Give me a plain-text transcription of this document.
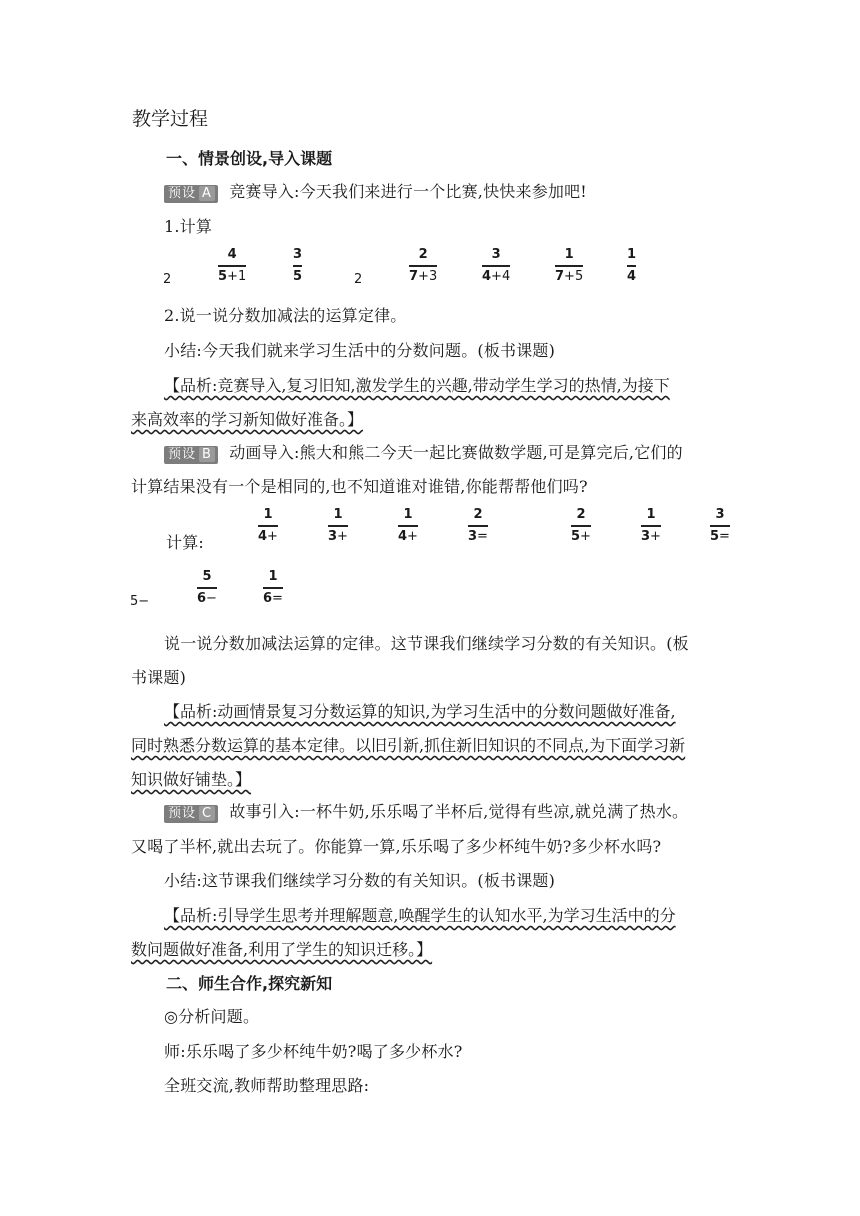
教学过程
一、情景创设,导入课题
预设 A 竞赛导入:今天我们来进行一个比赛,快快来参加吧!
1.计算
2
4
5+1
3
5	2
2
7+3
3
4+4
1
7+5
1
4
2.说一说分数加减法的运算定律。
小结:今天我们就来学习生活中的分数问题。(板书课题)
【品析:竞赛导入,复习旧知,激发学生的兴趣,带动学生学习的热情,为接下
来高效率的学习新知做好准备。】
预设 B 动画导入:熊大和熊二今天一起比赛做数学题,可是算完后,它们的
计算结果没有一个是相同的,也不知道谁对谁错,你能帮帮他们吗?
计算:
1
4+
1
3+
1
4+
2
3=
2
5+
1
3+
3
5=
5−
5
6−
1
6=
说一说分数加减法运算的定律。这节课我们继续学习分数的有关知识。(板
书课题)
【品析:动画情景复习分数运算的知识,为学习生活中的分数问题做好准备,
同时熟悉分数运算的基本定律。以旧引新,抓住新旧知识的不同点,为下面学习新
知识做好铺垫。】
预设 C 故事引入:一杯牛奶,乐乐喝了半杯后,觉得有些凉,就兑满了热水。
又喝了半杯,就出去玩了。你能算一算,乐乐喝了多少杯纯牛奶?多少杯水吗?
小结:这节课我们继续学习分数的有关知识。(板书课题)
【品析:引导学生思考并理解题意,唤醒学生的认知水平,为学习生活中的分
数问题做好准备,利用了学生的知识迁移。】
二、师生合作,探究新知
◎分析问题。
师:乐乐喝了多少杯纯牛奶?喝了多少杯水?
全班交流,教师帮助整理思路:
